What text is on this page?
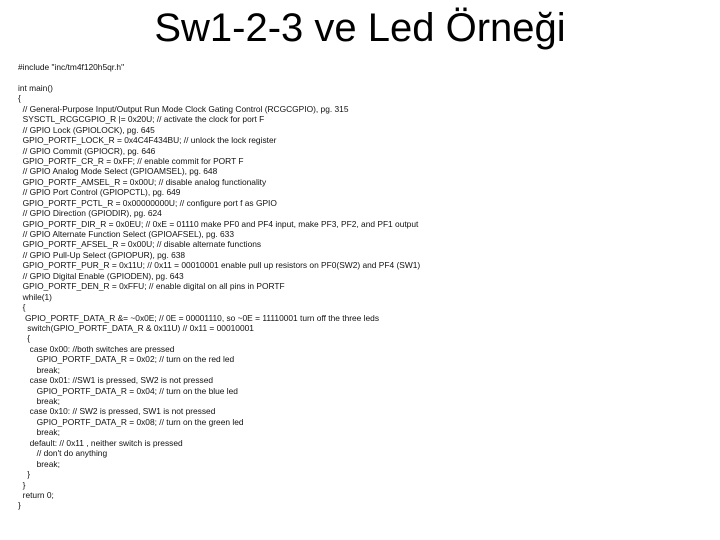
Sw1-2-3 ve Led Örneği
#include "inc/tm4f120h5qr.h"

int main()
{
// General-Purpose Input/Output Run Mode Clock Gating Control (RCGCGPIO), pg. 315
SYSCTL_RCGCGPIO_R |= 0x20U; // activate the clock for port F
// GPIO Lock (GPIOLOCK), pg. 645
GPIO_PORTF_LOCK_R = 0x4C4F434BU; // unlock the lock register
// GPIO Commit (GPIOCR), pg. 646
GPIO_PORTF_CR_R = 0xFF; // enable commit for PORT F
// GPIO Analog Mode Select (GPIOAMSEL), pg. 648
GPIO_PORTF_AMSEL_R = 0x00U; // disable analog functionality
// GPIO Port Control (GPIOPCTL), pg. 649
GPIO_PORTF_PCTL_R = 0x00000000U; // configure port f as GPIO
// GPIO Direction (GPIODIR), pg. 624
GPIO_PORTF_DIR_R = 0x0EU; // 0xE = 01110 make PF0 and PF4 input, make PF3, PF2, and PF1 output
// GPIO Alternate Function Select (GPIOAFSEL), pg. 633
GPIO_PORTF_AFSEL_R = 0x00U; // disable alternate functions
// GPIO Pull-Up Select (GPIOPUR), pg. 638
GPIO_PORTF_PUR_R = 0x11U; // 0x11 = 00010001 enable pull up resistors on PF0(SW2) and PF4 (SW1)
// GPIO Digital Enable (GPIODEN), pg. 643
GPIO_PORTF_DEN_R = 0xFFU; // enable digital on all pins in PORTF
while(1)
{
GPIO_PORTF_DATA_R &= ~0x0E; // 0E = 00001110, so ~0E = 11110001 turn off the three leds
switch(GPIO_PORTF_DATA_R & 0x11U) // 0x11 = 00010001
{
case 0x00: //both switches are pressed
GPIO_PORTF_DATA_R = 0x02; // turn on the red led
break;
case 0x01: //SW1 is pressed, SW2 is not pressed
GPIO_PORTF_DATA_R = 0x04; // turn on the blue led
break;
case 0x10: // SW2 is pressed, SW1 is not pressed
GPIO_PORTF_DATA_R = 0x08; // turn on the green led
break;
default: // 0x11 , neither switch is pressed
// don't do anything
break;
}
}
return 0;
}
